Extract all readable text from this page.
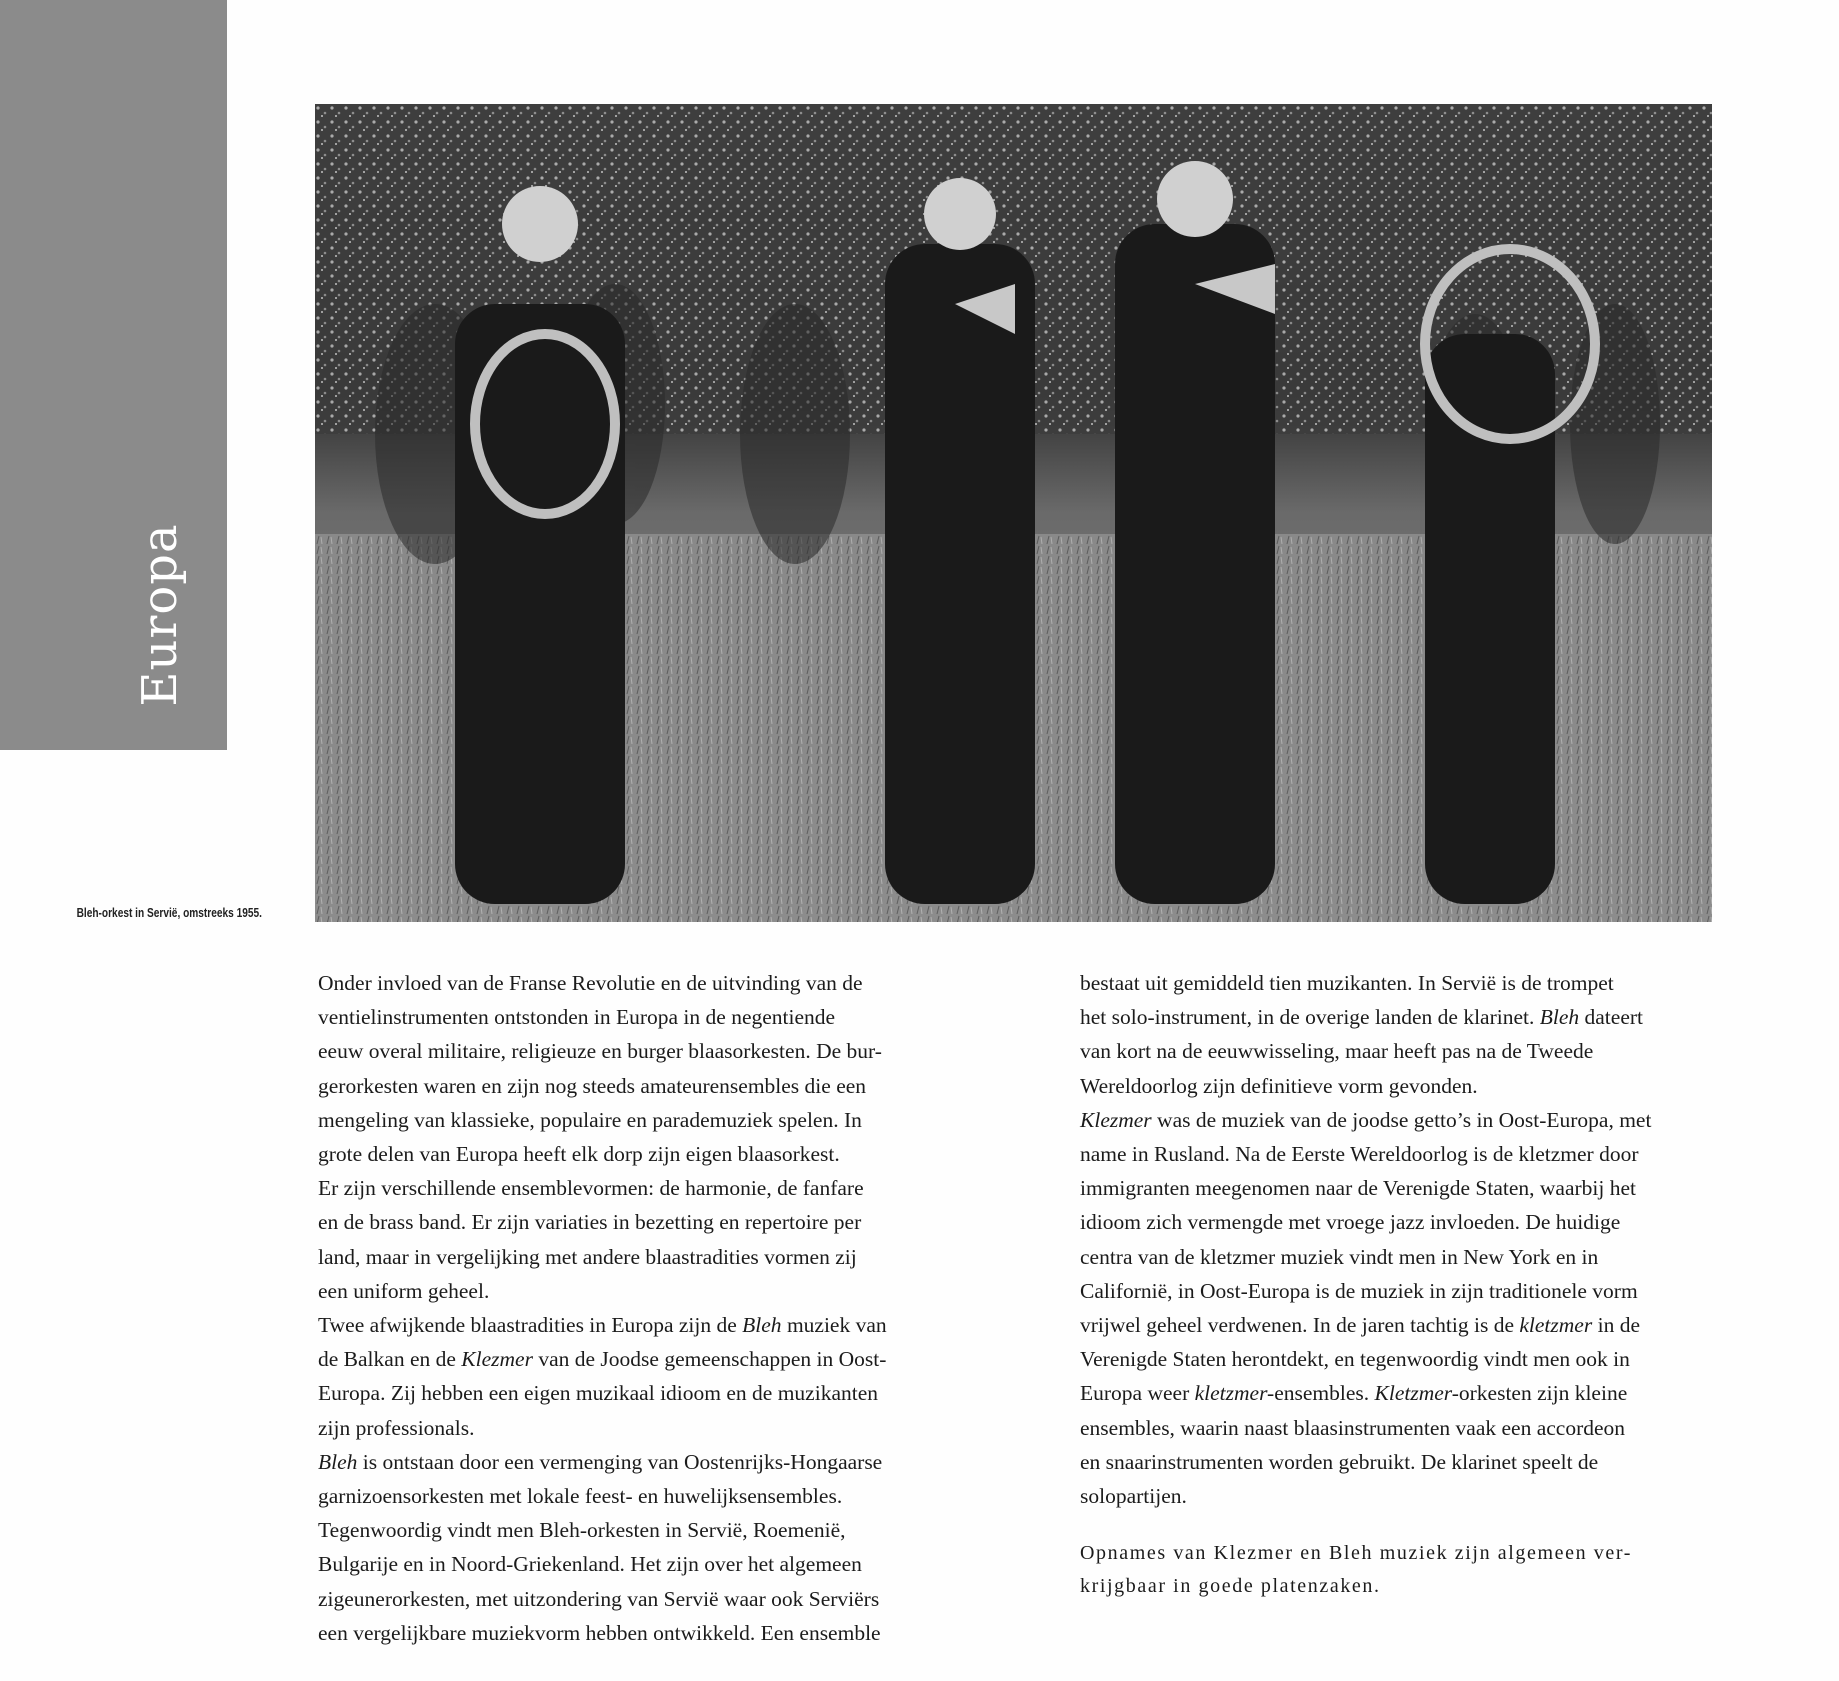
Europa
Bleh-orkest in Servië, omstreeks 1955.
Onder invloed van de Franse Revolutie en de uitvinding van de
ventielinstrumenten ontstonden in Europa in de negentiende
eeuw overal militaire, religieuze en burger blaasorkesten. De bur-
gerorkesten waren en zijn nog steeds amateurensembles die een
mengeling van klassieke, populaire en parademuziek spelen. In
grote delen van Europa heeft elk dorp zijn eigen blaasorkest.
Er zijn verschillende ensemblevormen: de harmonie, de fanfare
en de brass band. Er zijn variaties in bezetting en repertoire per
land, maar in vergelijking met andere blaastradities vormen zij
een uniform geheel.
Twee afwijkende blaastradities in Europa zijn de Bleh muziek van
de Balkan en de Klezmer van de Joodse gemeenschappen in Oost-
Europa. Zij hebben een eigen muzikaal idioom en de muzikanten
zijn professionals.
Bleh is ontstaan door een vermenging van Oostenrijks-Hongaarse
garnizoensorkesten met lokale feest- en huwelijksensembles.
Tegenwoordig vindt men Bleh-orkesten in Servië, Roemenië,
Bulgarije en in Noord-Griekenland. Het zijn over het algemeen
zigeunerorkesten, met uitzondering van Servië waar ook Serviërs
een vergelijkbare muziekvorm hebben ontwikkeld. Een ensemble
bestaat uit gemiddeld tien muzikanten. In Servië is de trompet
het solo-instrument, in de overige landen de klarinet. Bleh dateert
van kort na de eeuwwisseling, maar heeft pas na de Tweede
Wereldoorlog zijn definitieve vorm gevonden.
Klezmer was de muziek van de joodse getto’s in Oost-Europa, met
name in Rusland. Na de Eerste Wereldoorlog is de kletzmer door
immigranten meegenomen naar de Verenigde Staten, waarbij het
idioom zich vermengde met vroege jazz invloeden. De huidige
centra van de kletzmer muziek vindt men in New York en in
Californië, in Oost-Europa is de muziek in zijn traditionele vorm
vrijwel geheel verdwenen. In de jaren tachtig is de kletzmer in de
Verenigde Staten herontdekt, en tegenwoordig vindt men ook in
Europa weer kletzmer-ensembles. Kletzmer-orkesten zijn kleine
ensembles, waarin naast blaasinstrumenten vaak een accordeon
en snaarinstrumenten worden gebruikt. De klarinet speelt de
solopartijen.
Opnames van Klezmer en Bleh muziek zijn algemeen ver-
krijgbaar in goede platenzaken.
